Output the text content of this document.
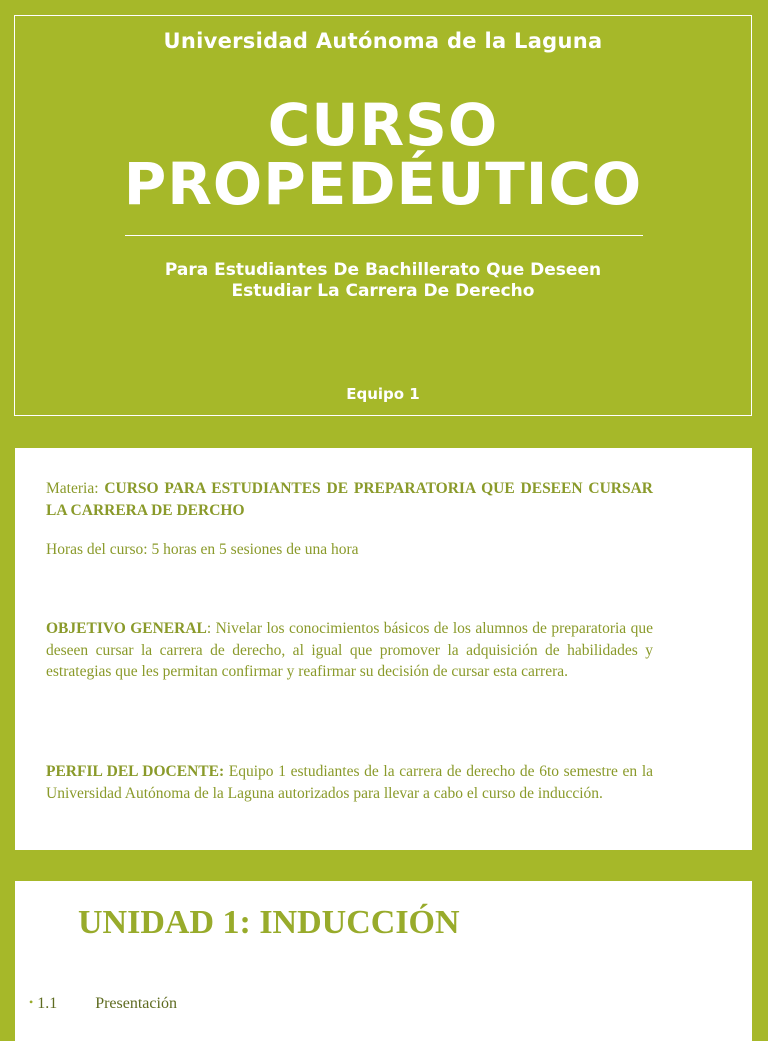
Universidad Autónoma de la Laguna
CURSO
PROPEDÉUTICO
Para Estudiantes De Bachillerato Que Deseen
Estudiar La Carrera De Derecho
Equipo 1

Materia: CURSO PARA ESTUDIANTES DE PREPARATORIA QUE DESEEN CURSAR LA CARRERA DE DERCHO

Horas del curso: 5 horas en 5 sesiones de una hora

OBJETIVO GENERAL: Nivelar los conocimientos básicos de los alumnos de preparatoria que deseen cursar la carrera de derecho, al igual que promover la adquisición de habilidades y estrategias que les permitan confirmar y reafirmar su decisión de cursar esta carrera.

PERFIL DEL DOCENTE: Equipo 1 estudiantes de la carrera de derecho de 6to semestre en la Universidad Autónoma de la Laguna autorizados para llevar a cabo el curso de inducción.

UNIDAD 1: INDUCCIÓN
• 1.1 Presentación
